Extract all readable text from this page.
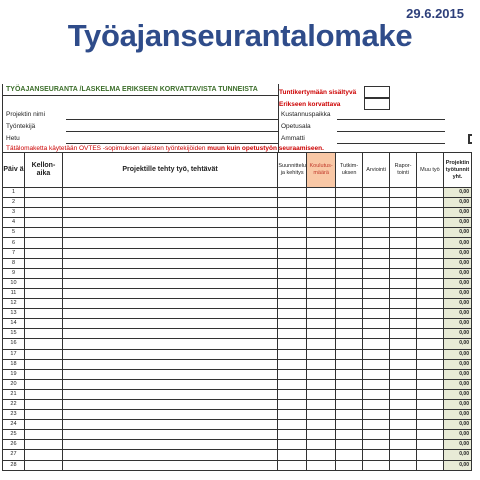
29.6.2015
Työajanseurantalomake
TYÖAJANSEURANTA /LASKELMA ERIKSEEN KORVATTAVISTA TUNNEISTA	Tuntikertymään sisältyvä
Erikseen korvattava
Projektin nimi	Kustannuspaikka
Työntekijä	Opetusala
Hetu	Ammatti
Tätälomaketta käytetään OVTES -sopimuksen alaisten työntekijöiden muun kuin opetustyön seuraamiseen.
Päiv ä	Kellon- aika	Projektille tehty työ, tehtävät	Suunnittelu ja kehitys	Koulutus- määrä	Tutkim- uksen	Arviointi	Rapor- tointi	Muu työ	Projektin työtunnit yht.
1									0,00
2									0,00
3									0,00
4									0,00
5									0,00
6									0,00
7									0,00
8									0,00
9									0,00
10									0,00
11									0,00
12									0,00
13									0,00
14									0,00
15									0,00
16									0,00
17									0,00
18									0,00
19									0,00
20									0,00
21									0,00
22									0,00
23									0,00
24									0,00
25									0,00
26									0,00
27									0,00
28									0,00
